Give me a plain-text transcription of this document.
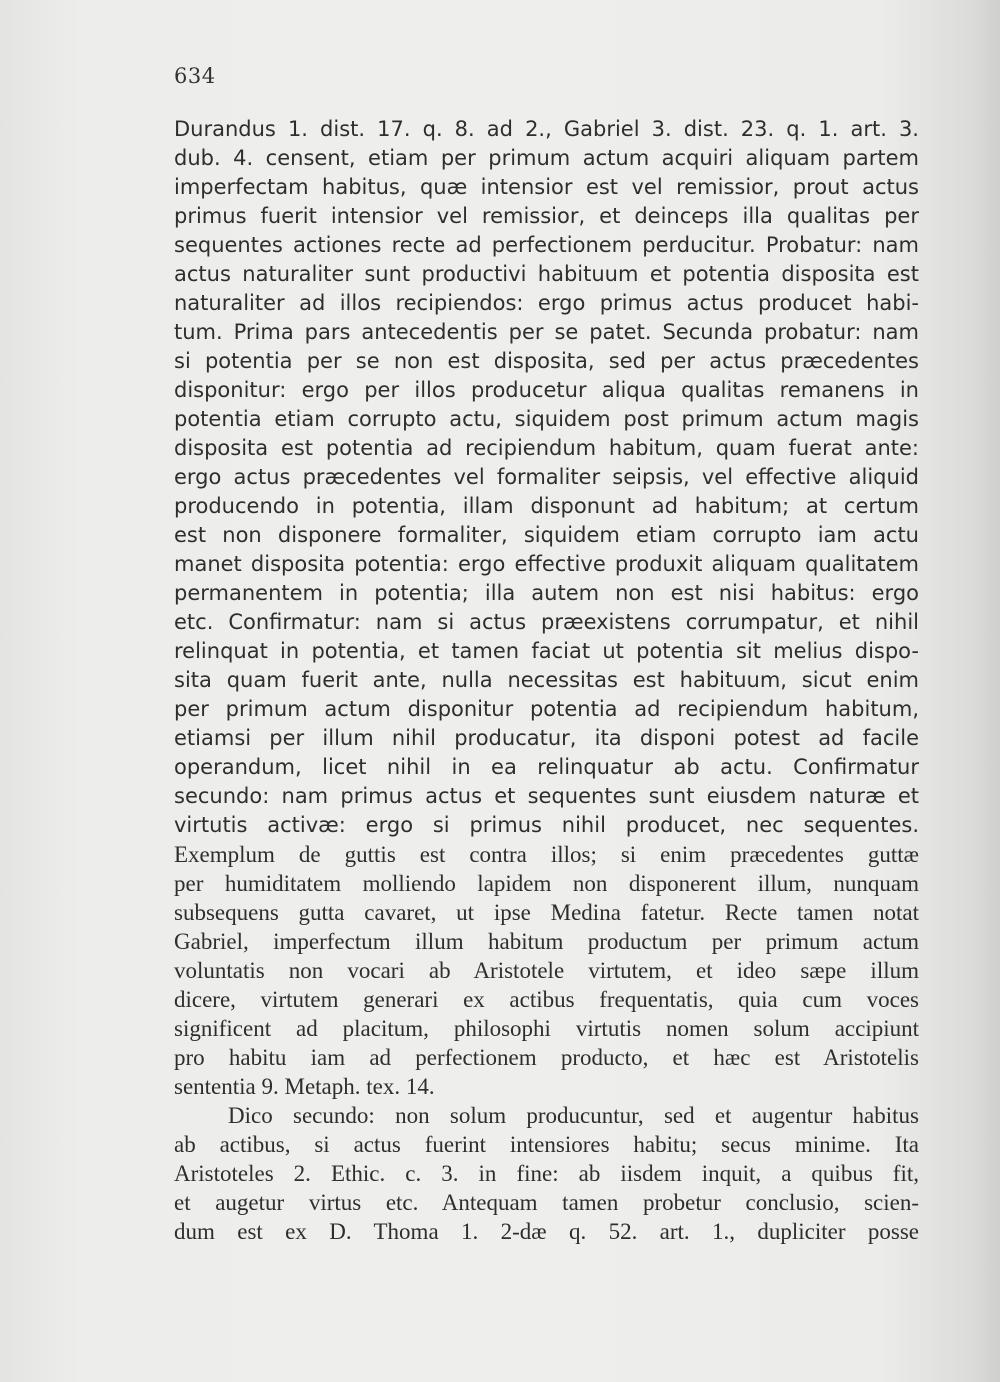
634
Durandus 1. dist. 17. q. 8. ad 2., Gabriel 3. dist. 23. q. 1. art. 3.
dub. 4. censent, etiam per primum actum acquiri aliquam partem
imperfectam habitus, quæ intensior est vel remissior, prout actus
primus fuerit intensior vel remissior, et deinceps illa qualitas per
sequentes actiones recte ad perfectionem perducitur. Probatur: nam
actus naturaliter sunt productivi habituum et potentia disposita est
naturaliter ad illos recipiendos: ergo primus actus producet habi-
tum. Prima pars antecedentis per se patet. Secunda probatur: nam
si potentia per se non est disposita, sed per actus præcedentes
disponitur: ergo per illos producetur aliqua qualitas remanens in
potentia etiam corrupto actu, siquidem post primum actum magis
disposita est potentia ad recipiendum habitum, quam fuerat ante:
ergo actus præcedentes vel formaliter seipsis, vel effective aliquid
producendo in potentia, illam disponunt ad habitum; at certum
est non disponere formaliter, siquidem etiam corrupto iam actu
manet disposita potentia: ergo effective produxit aliquam qualitatem
permanentem in potentia; illa autem non est nisi habitus: ergo
etc. Confirmatur: nam si actus præexistens corrumpatur, et nihil
relinquat in potentia, et tamen faciat ut potentia sit melius dispo-
sita quam fuerit ante, nulla necessitas est habituum, sicut enim
per primum actum disponitur potentia ad recipiendum habitum,
etiamsi per illum nihil producatur, ita disponi potest ad facile
operandum, licet nihil in ea relinquatur ab actu. Confirmatur
secundo: nam primus actus et sequentes sunt eiusdem naturæ et
virtutis activæ: ergo si primus nihil producet, nec sequentes.
Exemplum de guttis est contra illos; si enim præcedentes guttæ
per humiditatem molliendo lapidem non disponerent illum, nunquam
subsequens gutta cavaret, ut ipse Medina fatetur. Recte tamen notat
Gabriel, imperfectum illum habitum productum per primum actum
voluntatis non vocari ab Aristotele virtutem, et ideo sæpe illum
dicere, virtutem generari ex actibus frequentatis, quia cum voces
significent ad placitum, philosophi virtutis nomen solum accipiunt
pro habitu iam ad perfectionem producto, et hæc est Aristotelis
sententia 9. Metaph. tex. 14.
Dico secundo: non solum producuntur, sed et augentur habitus
ab actibus, si actus fuerint intensiores habitu; secus minime. Ita
Aristoteles 2. Ethic. c. 3. in fine: ab iisdem inquit, a quibus fit,
et augetur virtus etc. Antequam tamen probetur conclusio, scien-
dum est ex D. Thoma 1. 2-dæ q. 52. art. 1., dupliciter posse
